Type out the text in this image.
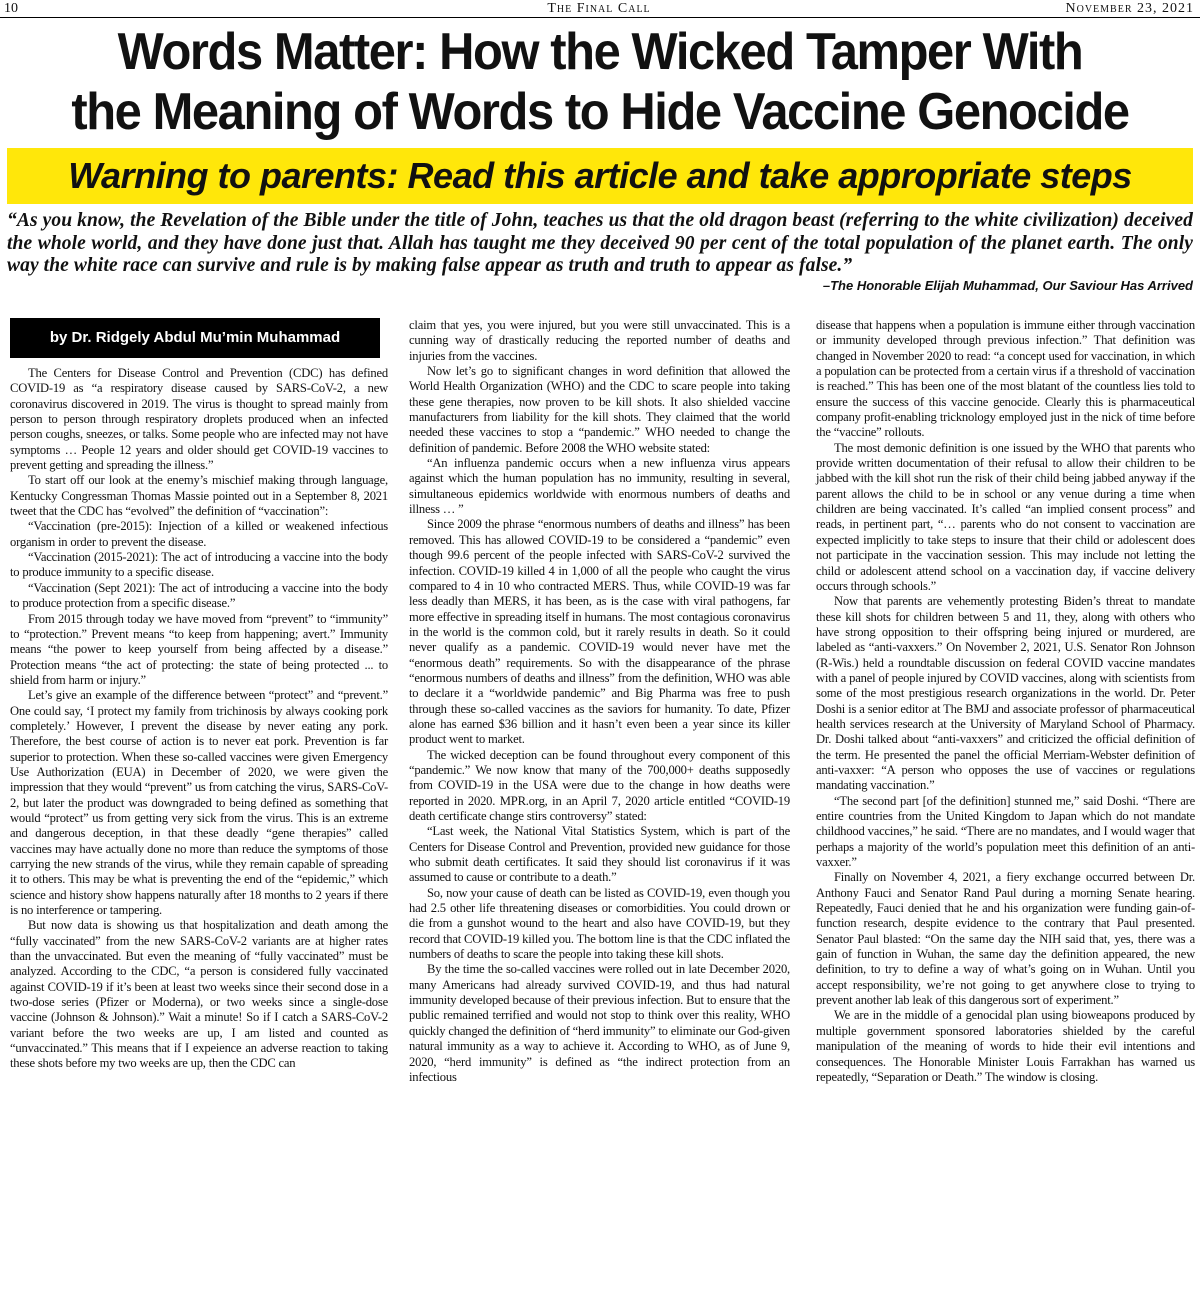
10	The Final Call	November 23, 2021
Words Matter: How the Wicked Tamper With
the Meaning of Words to Hide Vaccine Genocide
Warning to parents: Read this article and take appropriate steps
“As you know, the Revelation of the Bible under the title of John, teaches us that the old dragon beast (referring to the white civilization) deceived the whole world, and they have done just that. Allah has taught me they deceived 90 per cent of the total population of the planet earth. The only way the white race can survive and rule is by making false appear as truth and truth to appear as false.”
–The Honorable Elijah Muhammad, Our Saviour Has Arrived
by Dr. Ridgely Abdul Mu’min Muhammad

The Centers for Disease Control and Prevention (CDC) has defined COVID-19 as “a respiratory disease caused by SARS-CoV-2, a new coronavirus discovered in 2019. The virus is thought to spread mainly from person to person through respiratory droplets produced when an infected person coughs, sneezes, or talks. Some people who are infected may not have symptoms … People 12 years and older should get COVID-19 vaccines to prevent getting and spreading the illness.”

To start off our look at the enemy’s mischief making through language, Kentucky Congressman Thomas Massie pointed out in a September 8, 2021 tweet that the CDC has “evolved” the definition of “vaccination”:

“Vaccination (pre-2015): Injection of a killed or weakened infectious organism in order to prevent the disease.

“Vaccination (2015-2021): The act of introducing a vaccine into the body to produce immunity to a specific disease.

“Vaccination (Sept 2021): The act of introducing a vaccine into the body to produce protection from a specific disease.”

From 2015 through today we have moved from “prevent” to “immunity” to “protection.” Prevent means “to keep from happening; avert.” Immunity means “the power to keep yourself from being affected by a disease.” Protection means “the act of protecting: the state of being protected ... to shield from harm or injury.”

Let’s give an example of the difference between “protect” and “prevent.” One could say, ‘I protect my family from trichinosis by always cooking pork completely.’ However, I prevent the disease by never eating any pork. Therefore, the best course of action is to never eat pork. Prevention is far superior to protection. When these so-called vaccines were given Emergency Use Authorization (EUA) in December of 2020, we were given the impression that they would “prevent” us from catching the virus, SARS-CoV-2, but later the product was downgraded to being defined as something that would “protect” us from getting very sick from the virus. This is an extreme and dangerous deception, in that these deadly “gene therapies” called vaccines may have actually done no more than reduce the symptoms of those carrying the new strands of the virus, while they remain capable of spreading it to others. This may be what is preventing the end of the “epidemic,” which science and history show happens naturally after 18 months to 2 years if there is no interference or tampering.

But now data is showing us that hospitalization and death among the “fully vaccinated” from the new SARS-CoV-2 variants are at higher rates than the unvaccinated. But even the meaning of “fully vaccinated” must be analyzed. According to the CDC, “a person is considered fully vaccinated against COVID-19 if it’s been at least two weeks since their second dose in a two-dose series (Pfizer or Moderna), or two weeks since a single-dose vaccine (Johnson & Johnson).” Wait a minute! So if I catch a SARS-CoV-2 variant before the two weeks are up, I am listed and counted as “unvaccinated.” This means that if I expeience an adverse reaction to taking these shots before my two weeks are up, then the CDC can

claim that yes, you were injured, but you were still unvaccinated. This is a cunning way of drastically reducing the reported number of deaths and injuries from the vaccines.

Now let’s go to significant changes in word definition that allowed the World Health Organization (WHO) and the CDC to scare people into taking these gene therapies, now proven to be kill shots. It also shielded vaccine manufacturers from liability for the kill shots. They claimed that the world needed these vaccines to stop a “pandemic.” WHO needed to change the definition of pandemic. Before 2008 the WHO website stated:

“An influenza pandemic occurs when a new influenza virus appears against which the human population has no immunity, resulting in several, simultaneous epidemics worldwide with enormous numbers of deaths and illness … ”

Since 2009 the phrase “enormous numbers of deaths and illness” has been removed. This has allowed COVID-19 to be considered a “pandemic” even though 99.6 percent of the people infected with SARS-CoV-2 survived the infection. COVID-19 killed 4 in 1,000 of all the people who caught the virus compared to 4 in 10 who contracted MERS. Thus, while COVID-19 was far less deadly than MERS, it has been, as is the case with viral pathogens, far more effective in spreading itself in humans. The most contagious coronavirus in the world is the common cold, but it rarely results in death. So it could never qualify as a pandemic. COVID-19 would never have met the “enormous death” requirements. So with the disappearance of the phrase “enormous numbers of deaths and illness” from the definition, WHO was able to declare it a “worldwide pandemic” and Big Pharma was free to push through these so-called vaccines as the saviors for humanity. To date, Pfizer alone has earned $36 billion and it hasn’t even been a year since its killer product went to market.

The wicked deception can be found throughout every component of this “pandemic.” We now know that many of the 700,000+ deaths supposedly from COVID-19 in the USA were due to the change in how deaths were reported in 2020. MPR.org, in an April 7, 2020 article entitled “COVID-19 death certificate change stirs controversy” stated:

“Last week, the National Vital Statistics System, which is part of the Centers for Disease Control and Prevention, provided new guidance for those who submit death certificates. It said they should list coronavirus if it was assumed to cause or contribute to a death.”

So, now your cause of death can be listed as COVID-19, even though you had 2.5 other life threatening diseases or comorbidities. You could drown or die from a gunshot wound to the heart and also have COVID-19, but they record that COVID-19 killed you. The bottom line is that the CDC inflated the numbers of deaths to scare the people into taking these kill shots.

By the time the so-called vaccines were rolled out in late December 2020, many Americans had already survived COVID-19, and thus had natural immunity developed because of their previous infection. But to ensure that the public remained terrified and would not stop to think over this reality, WHO quickly changed the definition of “herd immunity” to eliminate our God-given natural immunity as a way to achieve it. According to WHO, as of June 9, 2020, “herd immunity” is defined as “the indirect protection from an infectious

disease that happens when a population is immune either through vaccination or immunity developed through previous infection.” That definition was changed in November 2020 to read: “a concept used for vaccination, in which a population can be protected from a certain virus if a threshold of vaccination is reached.” This has been one of the most blatant of the countless lies told to ensure the success of this vaccine genocide. Clearly this is pharmaceutical company profit-enabling tricknology employed just in the nick of time before the “vaccine” rollouts.

The most demonic definition is one issued by the WHO that parents who provide written documentation of their refusal to allow their children to be jabbed with the kill shot run the risk of their child being jabbed anyway if the parent allows the child to be in school or any venue during a time when children are being vaccinated. It’s called “an implied consent process” and reads, in pertinent part, “… parents who do not consent to vaccination are expected implicitly to take steps to insure that their child or adolescent does not participate in the vaccination session. This may include not letting the child or adolescent attend school on a vaccination day, if vaccine delivery occurs through schools.”

Now that parents are vehemently protesting Biden’s threat to mandate these kill shots for children between 5 and 11, they, along with others who have strong opposition to their offspring being injured or murdered, are labeled as “anti-vaxxers.” On November 2, 2021, U.S. Senator Ron Johnson (R-Wis.) held a roundtable discussion on federal COVID vaccine mandates with a panel of people injured by COVID vaccines, along with scientists from some of the most prestigious research organizations in the world. Dr. Peter Doshi is a senior editor at The BMJ and associate professor of pharmaceutical health services research at the University of Maryland School of Pharmacy. Dr. Doshi talked about “anti-vaxxers” and criticized the official definition of the term. He presented the panel the official Merriam-Webster definition of anti-vaxxer: “A person who opposes the use of vaccines or regulations mandating vaccination.”

“The second part [of the definition] stunned me,” said Doshi. “There are entire countries from the United Kingdom to Japan which do not mandate childhood vaccines,” he said. “There are no mandates, and I would wager that perhaps a majority of the world’s population meet this definition of an anti-vaxxer.”

Finally on November 4, 2021, a fiery exchange occurred between Dr. Anthony Fauci and Senator Rand Paul during a morning Senate hearing. Repeatedly, Fauci denied that he and his organization were funding gain-of-function research, despite evidence to the contrary that Paul presented. Senator Paul blasted: “On the same day the NIH said that, yes, there was a gain of function in Wuhan, the same day the definition appeared, the new definition, to try to define a way of what’s going on in Wuhan. Until you accept responsibility, we’re not going to get anywhere close to trying to prevent another lab leak of this dangerous sort of experiment.”

We are in the middle of a genocidal plan using bioweapons produced by multiple government sponsored laboratories shielded by the careful manipulation of the meaning of words to hide their evil intentions and consequences. The Honorable Minister Louis Farrakhan has warned us repeatedly, “Separation or Death.” The window is closing.
